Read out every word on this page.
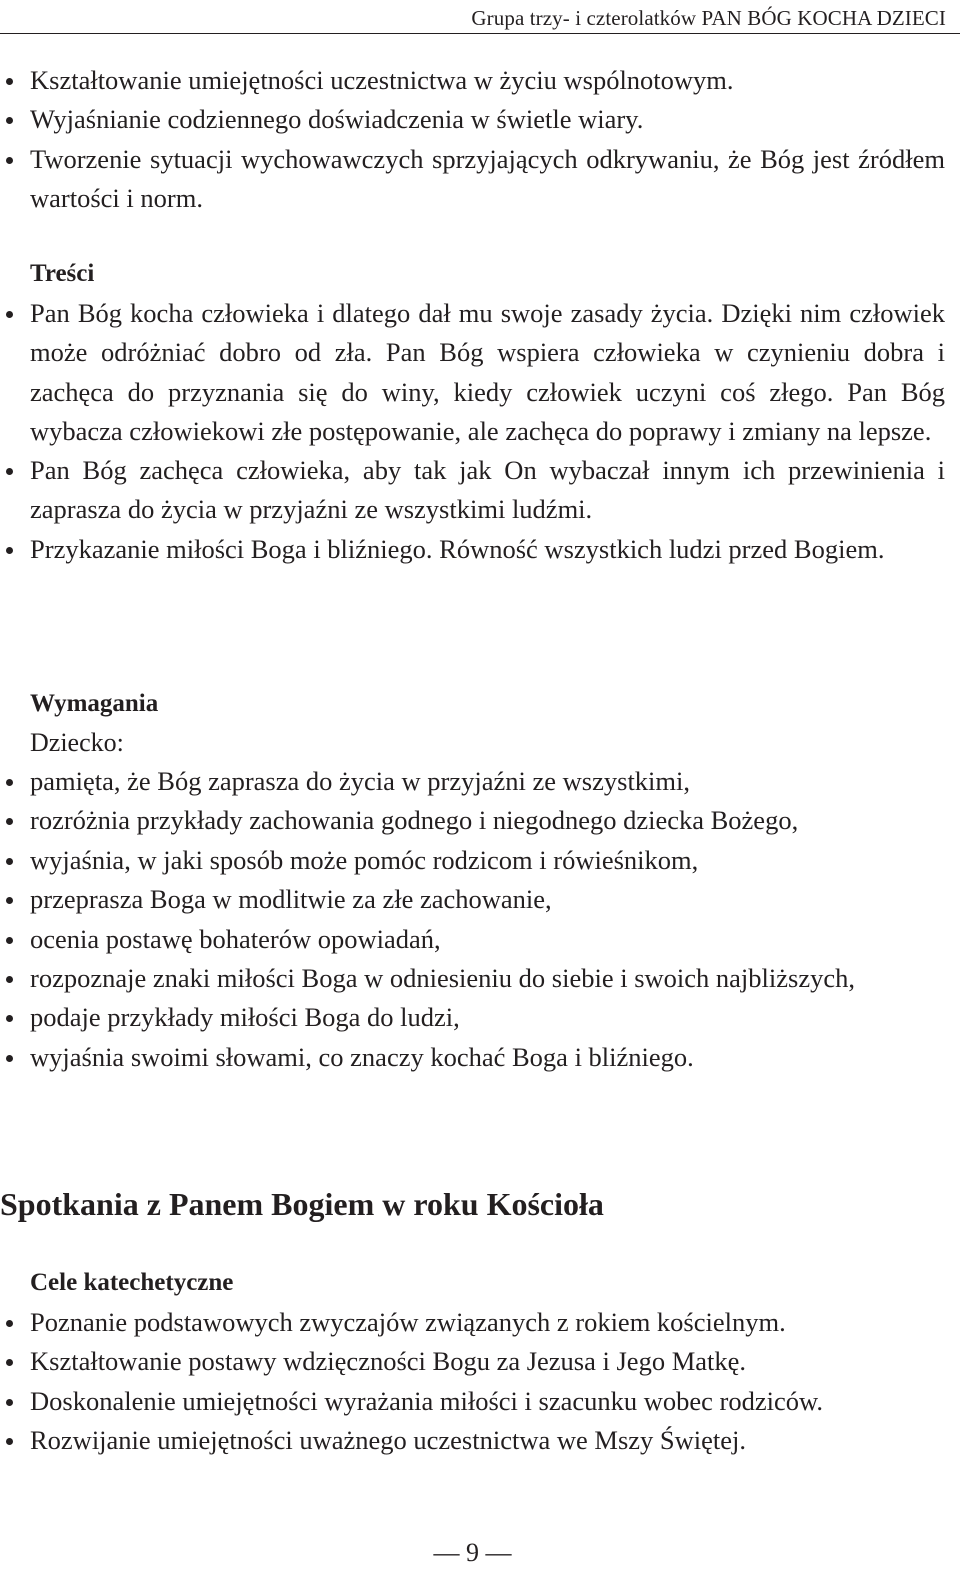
Grupa trzy- i czterolatków PAN BÓG KOCHA DZIECI
Kształtowanie umiejętności uczestnictwa w życiu wspólnotowym.
Wyjaśnianie codziennego doświadczenia w świetle wiary.
Tworzenie sytuacji wychowawczych sprzyjających odkrywaniu, że Bóg jest źródłem wartości i norm.
Treści
Pan Bóg kocha człowieka i dlatego dał mu swoje zasady życia. Dzięki nim człowiek może odróżniać dobro od zła. Pan Bóg wspiera człowieka w czynieniu dobra i zachęca do przyznania się do winy, kiedy człowiek uczyni coś złego. Pan Bóg wybacza człowiekowi złe postępowanie, ale zachęca do poprawy i zmiany na lepsze.
Pan Bóg zachęca człowieka, aby tak jak On wybaczał innym ich przewinienia i zaprasza do życia w przyjaźni ze wszystkimi ludźmi.
Przykazanie miłości Boga i bliźniego. Równość wszystkich ludzi przed Bogiem.
Wymagania
Dziecko:
pamięta, że Bóg zaprasza do życia w przyjaźni ze wszystkimi,
rozróżnia przykłady zachowania godnego i niegodnego dziecka Bożego,
wyjaśnia, w jaki sposób może pomóc rodzicom i rówieśnikom,
przeprasza Boga w modlitwie za złe zachowanie,
ocenia postawę bohaterów opowiadań,
rozpoznaje znaki miłości Boga w odniesieniu do siebie i swoich najbliższych,
podaje przykłady miłości Boga do ludzi,
wyjaśnia swoimi słowami, co znaczy kochać Boga i bliźniego.
Spotkania z Panem Bogiem w roku Kościoła
Cele katechetyczne
Poznanie podstawowych zwyczajów związanych z rokiem kościelnym.
Kształtowanie postawy wdzięczności Bogu za Jezusa i Jego Matkę.
Doskonalenie umiejętności wyrażania miłości i szacunku wobec rodziców.
Rozwijanie umiejętności uważnego uczestnictwa we Mszy Świętej.
— 9 —
